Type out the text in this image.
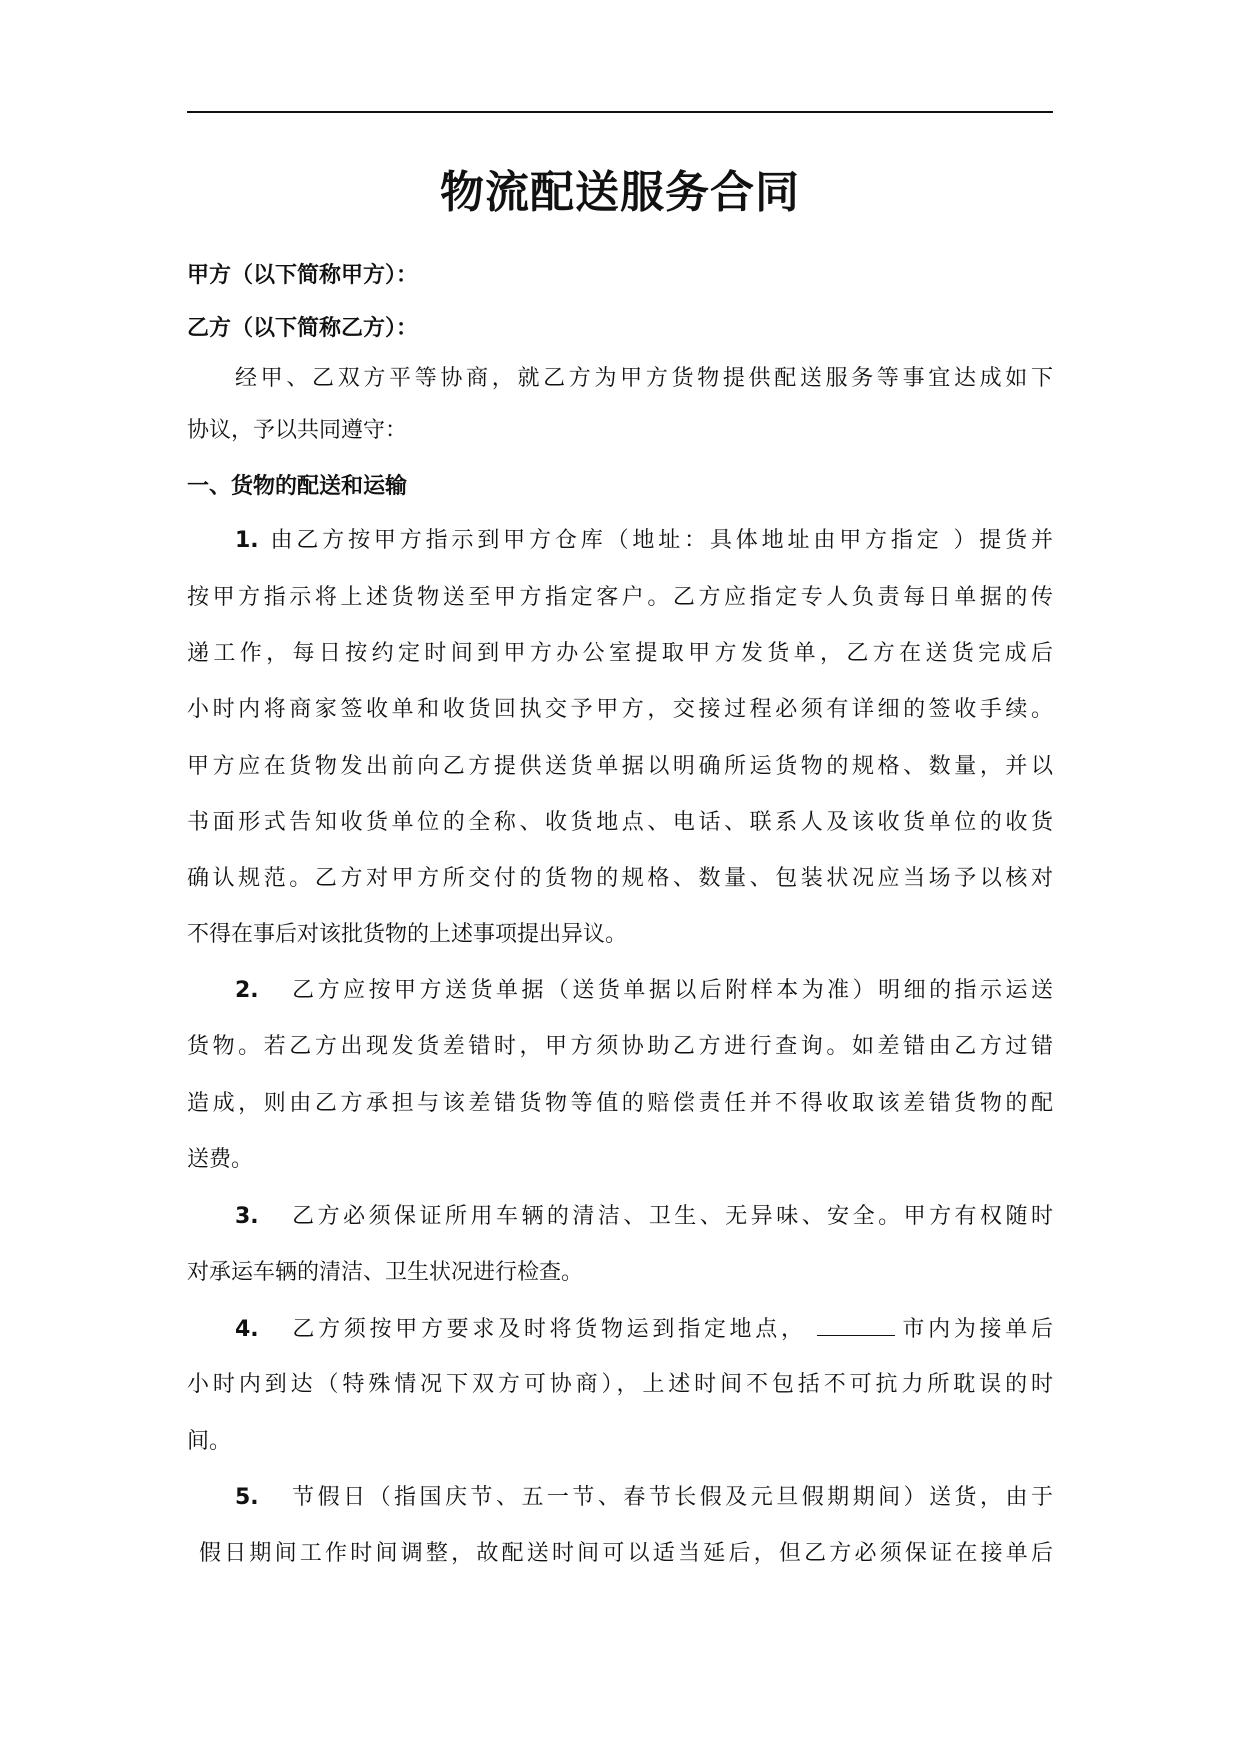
物流配送服务合同
甲方（以下简称甲方）：
乙方（以下简称乙方）：
经甲、乙双方平等协商，就乙方为甲方货物提供配送服务等事宜达成如下
协议，予以共同遵守：
一、货物的配送和运输
1. 由乙方按甲方指示到甲方仓库（地址：具体地址由甲方指定 ）提货并
按甲方指示将上述货物送至甲方指定客户。乙方应指定专人负责每日单据的传
递工作，每日按约定时间到甲方办公室提取甲方发货单，乙方在送货完成后
小时内将商家签收单和收货回执交予甲方，交接过程必须有详细的签收手续。
甲方应在货物发出前向乙方提供送货单据以明确所运货物的规格、数量，并以
书面形式告知收货单位的全称、收货地点、电话、联系人及该收货单位的收货
确认规范。乙方对甲方所交付的货物的规格、数量、包装状况应当场予以核对
不得在事后对该批货物的上述事项提出异议。
2. 乙方应按甲方送货单据（送货单据以后附样本为准）明细的指示运送
货物。若乙方出现发货差错时，甲方须协助乙方进行查询。如差错由乙方过错
造成，则由乙方承担与该差错货物等值的赔偿责任并不得收取该差错货物的配
送费。
3. 乙方必须保证所用车辆的清洁、卫生、无异味、安全。甲方有权随时
对承运车辆的清洁、卫生状况进行检查。
4. 乙方须按甲方要求及时将货物运到指定地点，	市内为接单后
小时内到达（特殊情况下双方可协商），上述时间不包括不可抗力所耽误的时
间。
5. 节假日（指国庆节、五一节、春节长假及元旦假期期间）送货，由于
假日期间工作时间调整，故配送时间可以适当延后，但乙方必须保证在接单后
